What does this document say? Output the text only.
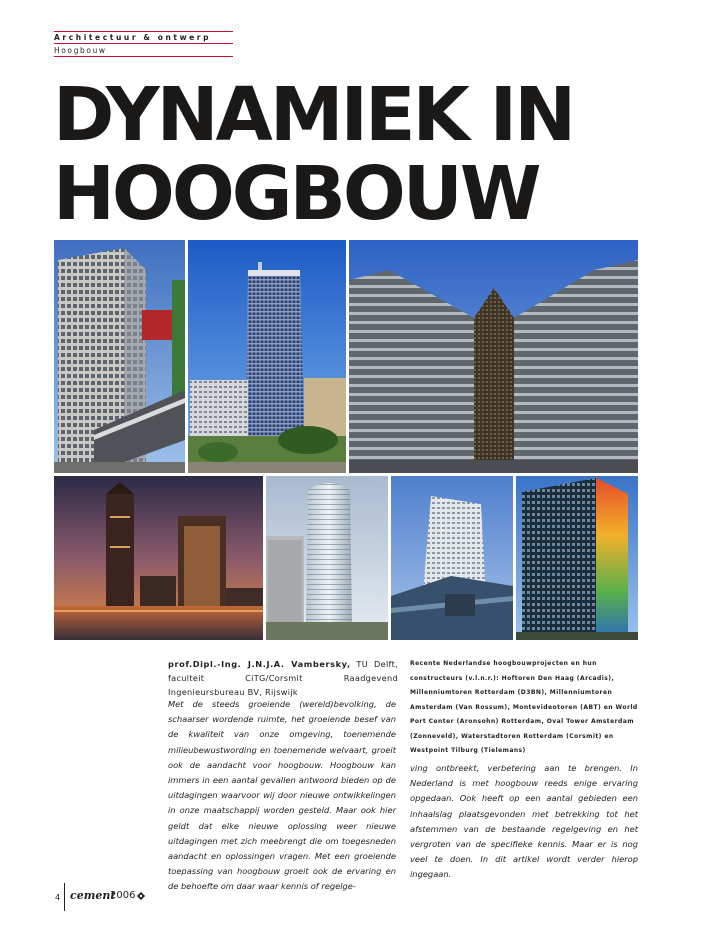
Architectuur & ontwerp
Hoogbouw
DYNAMIEK IN
HOOGBOUW
prof.Dipl.-Ing. J.N.J.A. Vambersky, TU Delft, faculteit	CiTG/Corsmit Raadgevend Ingenieursbureau BV, Rijswijk
Recente Nederlandse hoogbouwprojecten en hun constructeurs (v.l.n.r.): Hoftoren Den Haag (Arcadis), Millenniumtoren Rotterdam (D3BN), Millenniumtoren Amsterdam (Van Rossum), Montevideotoren (ABT) en World Port Center (Aronsohn) Rotterdam, Oval Tower Amsterdam (Zonneveld), Waterstadtoren Rotterdam (Corsmit) en Westpoint Tilburg (Tielemans)
Met de steeds groeiende (wereld)bevolking, de schaarser wordende ruimte, het groeiende besef van de kwaliteit van onze omgeving, toenemende milieubewustwording en toenemende welvaart, groeit ook de aandacht voor hoogbouw. Hoogbouw kan immers in een aantal gevallen antwoord bieden op de uitdagingen waarvoor wij door nieuwe ontwikkelingen in onze maatschappij worden gesteld. Maar ook hier geldt dat elke nieuwe oplossing weer nieuwe uitdagingen met zich meebrengt die om toegesneden aandacht en oplossingen vragen. Met een groeiende toepassing van hoogbouw groeit ook de ervaring en de behoefte om daar waar kennis of regelge-
ving ontbreekt, verbetering aan te brengen. In Nederland is met hoogbouw reeds enige ervaring opgedaan. Ook heeft op een aantal gebieden een inhaalslag plaatsgevonden met betrekking tot het afstemmen van de bestaande regelgeving en het vergroten van de specifieke kennis. Maar er is nog veel te doen. In dit artikel wordt verder hierop ingegaan.
4 cement
2006
